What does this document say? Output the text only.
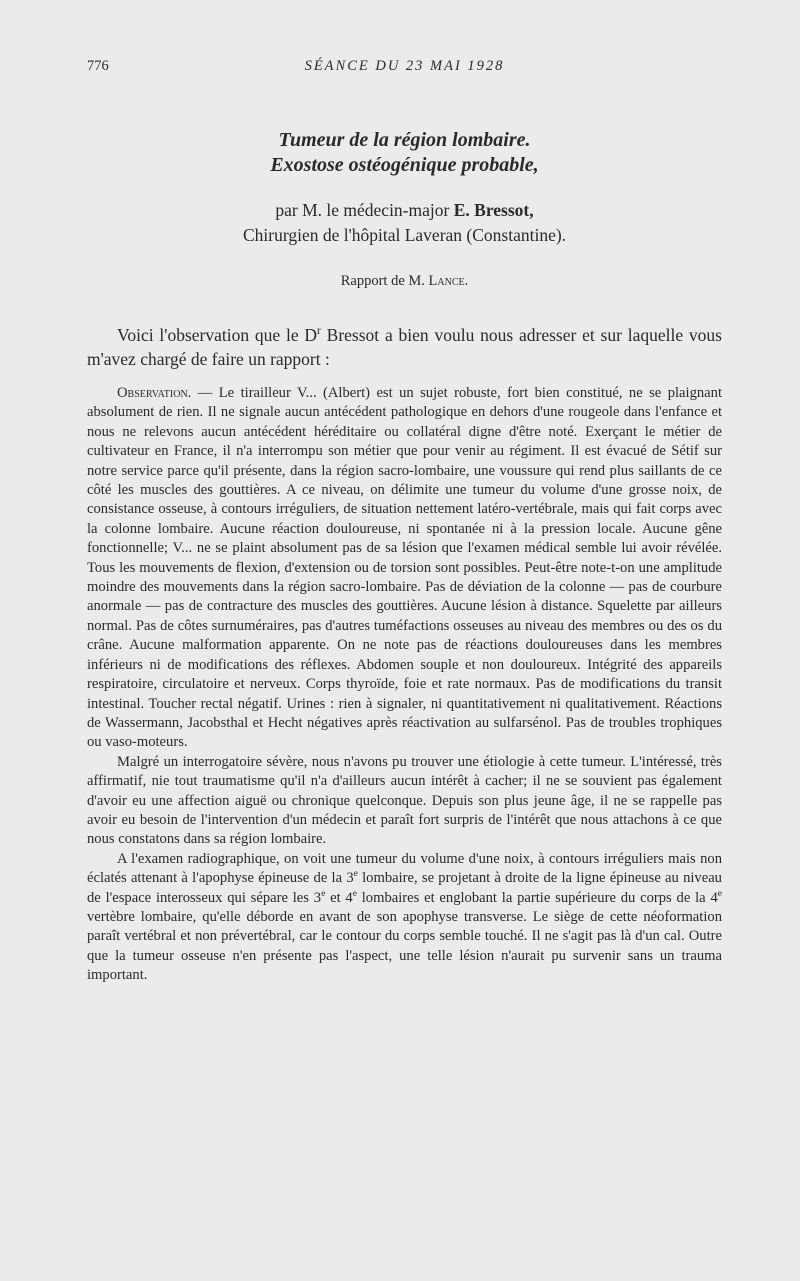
776	SÉANCE DU 23 MAI 1928
Tumeur de la région lombaire.
Exostose ostéogénique probable,
par M. le médecin-major E. Bressot,
Chirurgien de l'hôpital Laveran (Constantine).
Rapport de M. Lance.

Voici l'observation que le $D^r$ Bressot a bien voulu nous adresser et sur laquelle vous m'avez chargé de faire un rapport :

Observation. — Le tirailleur V... (Albert) est un sujet robuste, fort bien constitué, ne se plaignant absolument de rien. Il ne signale aucun antécédent pathologique en dehors d'une rougeole dans l'enfance et nous ne relevons aucun antécédent héréditaire ou collatéral digne d'être noté. Exerçant le métier de cultivateur en France, il n'a interrompu son métier que pour venir au régiment. Il est évacué de Sétif sur notre service parce qu'il présente, dans la région sacro-lombaire, une voussure qui rend plus saillants de ce côté les muscles des gouttières. A ce niveau, on délimite une tumeur du volume d'une grosse noix, de consistance osseuse, à contours irréguliers, de situation nettement latéro-vertébrale, mais qui fait corps avec la colonne lombaire. Aucune réaction douloureuse, ni spontanée ni à la pression locale. Aucune gêne fonctionnelle; V... ne se plaint absolument pas de sa lésion que l'examen médical semble lui avoir révélée. Tous les mouvements de flexion, d'extension ou de torsion sont possibles. Peut-être note-t-on une amplitude moindre des mouvements dans la région sacro-lombaire. Pas de déviation de la colonne — pas de courbure anormale — pas de contracture des muscles des gouttières. Aucune lésion à distance. Squelette par ailleurs normal. Pas de côtes surnuméraires, pas d'autres tuméfactions osseuses au niveau des membres ou des os du crâne. Aucune malformation apparente. On ne note pas de réactions douloureuses dans les membres inférieurs ni de modifications des réflexes. Abdomen souple et non douloureux. Intégrité des appareils respiratoire, circulatoire et nerveux. Corps thyroïde, foie et rate normaux. Pas de modifications du transit intestinal. Toucher rectal négatif. Urines : rien à signaler, ni quantitativement ni qualitativement. Réactions de Wassermann, Jacobsthal et Hecht négatives après réactivation au sulfarsénol. Pas de troubles trophiques ou vaso-moteurs.

Malgré un interrogatoire sévère, nous n'avons pu trouver une étiologie à cette tumeur. L'intéressé, très affirmatif, nie tout traumatisme qu'il n'a d'ailleurs aucun intérêt à cacher; il ne se souvient pas également d'avoir eu une affection aiguë ou chronique quelconque. Depuis son plus jeune âge, il ne se rappelle pas avoir eu besoin de l'intervention d'un médecin et paraît fort surpris de l'intérêt que nous attachons à ce que nous constatons dans sa région lombaire.

A l'examen radiographique, on voit une tumeur du volume d'une noix, à contours irréguliers mais non éclatés attenant à l'apophyse épineuse de la 3e lombaire, se projetant à droite de la ligne épineuse au niveau de l'espace interosseux qui sépare les 3e et 4e lombaires et englobant la partie supérieure du corps de la 4e vertèbre lombaire, qu'elle déborde en avant de son apophyse transverse. Le siège de cette néoformation paraît vertébral et non prévertébral, car le contour du corps semble touché. Il ne s'agit pas là d'un cal. Outre que la tumeur osseuse n'en présente pas l'aspect, une telle lésion n'aurait pu survenir sans un trauma important.
